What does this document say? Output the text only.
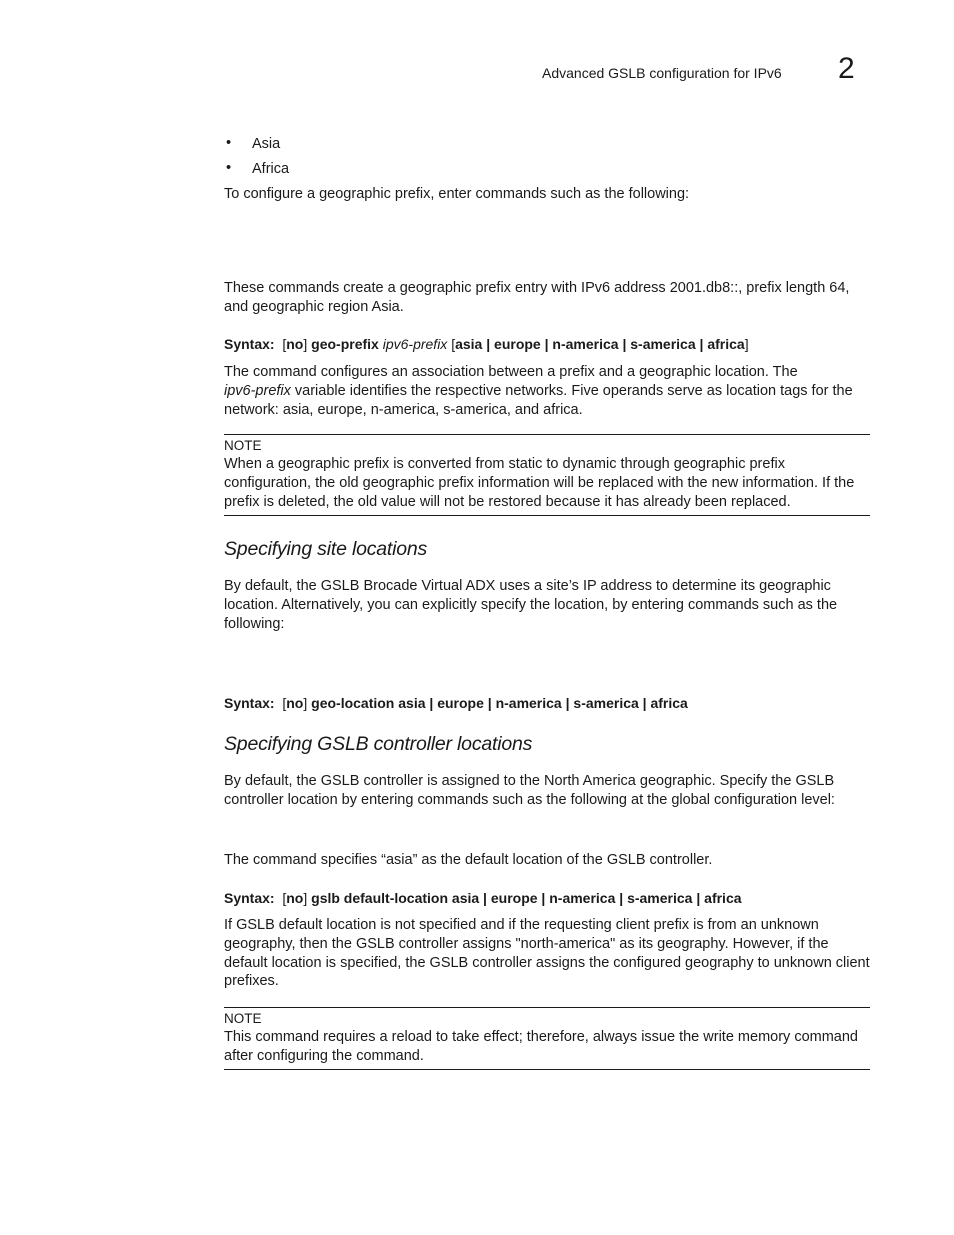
Advanced GSLB configuration for IPv6 2
• Asia
• Africa
To configure a geographic prefix, enter commands such as the following:
These commands create a geographic prefix entry with IPv6 address 2001.db8::, prefix length 64, and geographic region Asia.
Syntax: [no] geo-prefix ipv6-prefix [asia | europe | n-america | s-america | africa]
The command configures an association between a prefix and a geographic location. The
ipv6-prefix variable identifies the respective networks. Five operands serve as location tags for the
network: asia, europe, n-america, s-america, and africa.
NOTE
When a geographic prefix is converted from static to dynamic through geographic prefix configuration, the old geographic prefix information will be replaced with the new information. If the prefix is deleted, the old value will not be restored because it has already been replaced.
Specifying site locations
By default, the GSLB Brocade Virtual ADX uses a site’s IP address to determine its geographic location. Alternatively, you can explicitly specify the location, by entering commands such as the following:
Syntax: [no] geo-location asia | europe | n-america | s-america | africa
Specifying GSLB controller locations
By default, the GSLB controller is assigned to the North America geographic. Specify the GSLB controller location by entering commands such as the following at the global configuration level:
The command specifies “asia” as the default location of the GSLB controller.
Syntax: [no] gslb default-location asia | europe | n-america | s-america | africa
If GSLB default location is not specified and if the requesting client prefix is from an unknown geography, then the GSLB controller assigns "north-america" as its geography. However, if the default location is specified, the GSLB controller assigns the configured geography to unknown client prefixes.
NOTE
This command requires a reload to take effect; therefore, always issue the write memory command after configuring the command.
